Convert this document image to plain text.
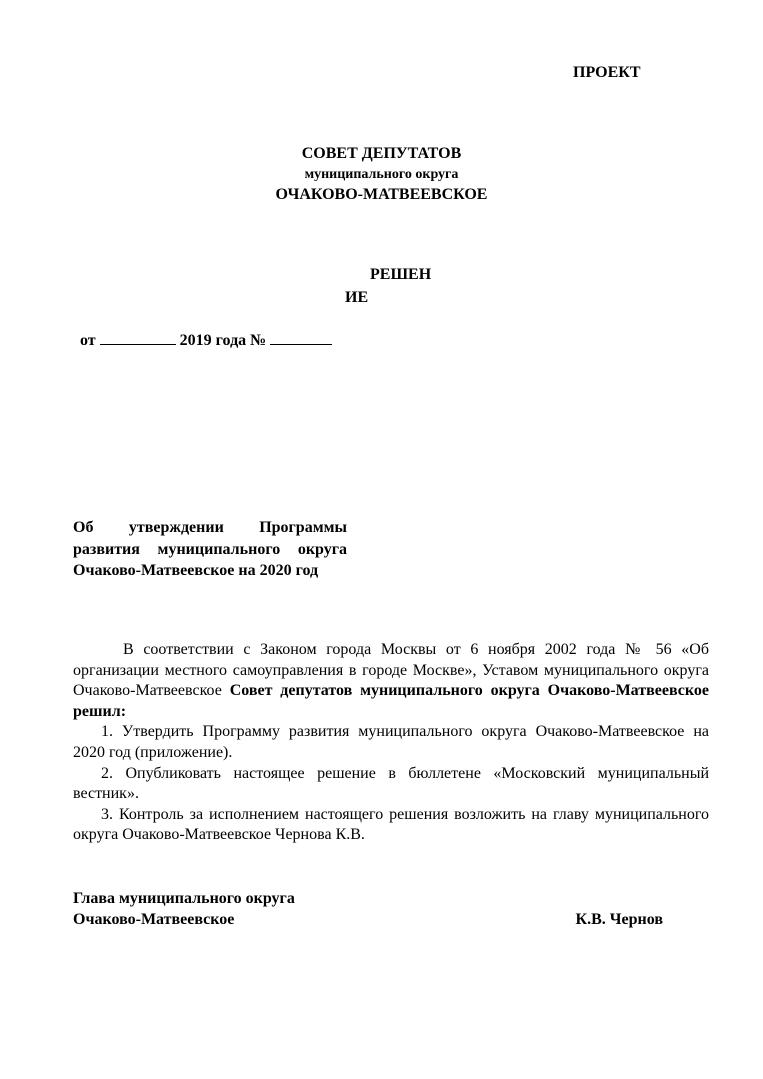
ПРОЕКТ
СОВЕТ ДЕПУТАТОВ
муниципального округа
ОЧАКОВО-МАТВЕЕВСКОЕ
РЕШЕН
ИЕ
от	2019 года №
Об утверждении Программы развития муниципального округа Очаково-Матвеевское на 2020 год

В соответствии с Законом города Москвы от 6 ноября 2002 года № 56 «Об организации местного самоуправления в городе Москве», Уставом муниципального округа Очаково-Матвеевское Совет депутатов муниципального округа Очаково-Матвеевское решил:

1. Утвердить Программу развития муниципального округа Очаково-Матвеевское на 2020 год (приложение).

2. Опубликовать настоящее решение в бюллетене «Московский муниципальный вестник».

3. Контроль за исполнением настоящего решения возложить на главу муниципального округа Очаково-Матвеевское Чернова К.В.

Глава муниципального округа
Очаково-Матвеевское	К.В. Чернов
